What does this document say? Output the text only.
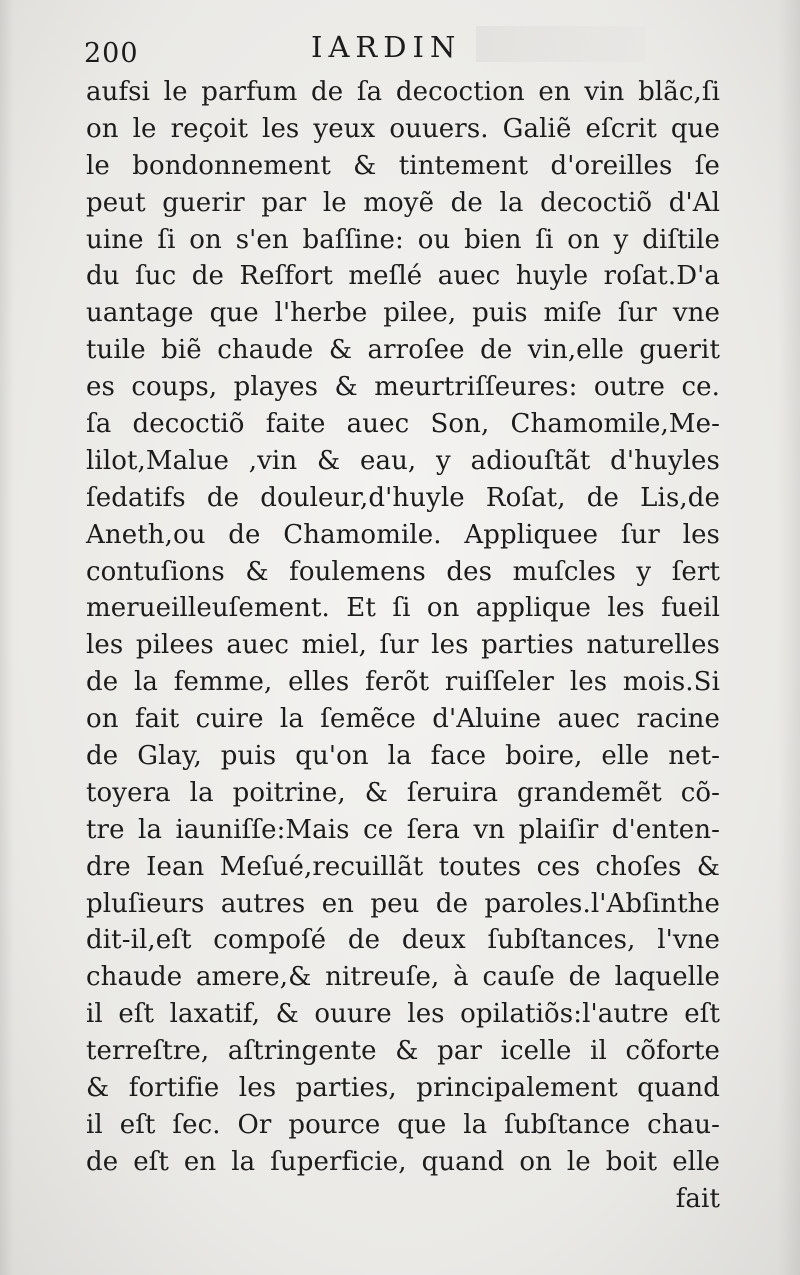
200	IARDIN
aufsi le parfum de ſa decoction en vin blãc,ſi
on le reçoit les yeux ouuers. Galiẽ eſcrit que
le bondonnement & tintement d'oreilles ſe
peut guerir par le moyẽ de la decoctiõ d'Al
uine ſi on s'en baſſine: ou bien ſi on y diſtile
du ſuc de Reſfort meſlé auec huyle roſat.D'a
uantage que l'herbe pilee, puis miſe ſur vne
tuile biẽ chaude & arroſee de vin,elle guerit
es coups, playes & meurtriſſeures: outre ce.
ſa decoctiõ faite auec Son, Chamomile,Me-
lilot,Malue ,vin & eau, y adiouſtãt d'huyles
ſedatifs de douleur,d'huyle Roſat, de Lis,de
Aneth,ou de Chamomile. Appliquee ſur les
contuſions & foulemens des muſcles y ſert
merueilleuſement. Et ſi on applique les fueil
les pilees auec miel, ſur les parties naturelles
de la femme, elles ferõt ruiſſeler les mois.Si
on fait cuire la ſemẽce d'Aluine auec racine
de Glay, puis qu'on la face boire, elle net-
toyera la poitrine, & ſeruira grandemẽt cõ-
tre la iauniſſe:Mais ce ſera vn plaiſir d'enten-
dre Iean Meſué,recuillãt toutes ces choſes &
pluſieurs autres en peu de paroles.l'Abſinthe
dit-il,eſt compoſé de deux ſubſtances, l'vne
chaude amere,& nitreuſe, à cauſe de laquelle
il eſt laxatif, & ouure les opilatiõs:l'autre eſt
terreſtre, aſtringente & par icelle il cõforte
& fortifie les parties, principalement quand
il eſt ſec. Or pource que la ſubſtance chau-
de eſt en la ſuperficie, quand on le boit elle
fait
